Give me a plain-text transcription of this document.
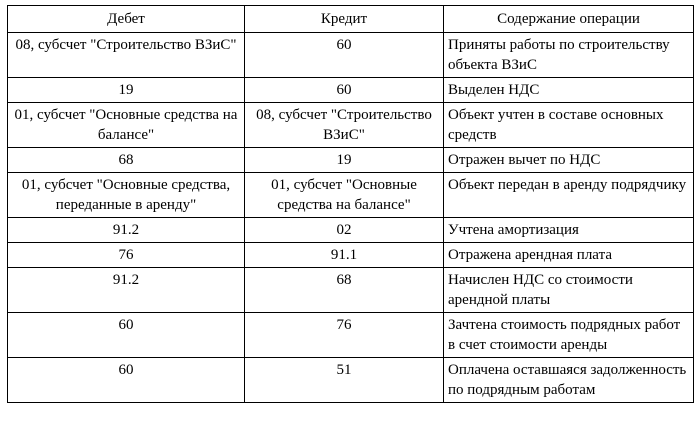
Дебет	Кредит	Содержание операции
08, субсчет "Строительство ВЗиС"	60	Приняты работы по строительству объекта ВЗиС
19	60	Выделен НДС
01, субсчет "Основные средства на балансе"	08, субсчет "Строительство ВЗиС"	Объект учтен в составе основных средств
68	19	Отражен вычет по НДС
01, субсчет "Основные средства, переданные в аренду"	01, субсчет "Основные средства на балансе"	Объект передан в аренду подрядчику
91.2	02	Учтена амортизация
76	91.1	Отражена арендная плата
91.2	68	Начислен НДС со стоимости арендной платы
60	76	Зачтена стоимость подрядных работ в счет стоимости аренды
60	51	Оплачена оставшаяся задолженность по подрядным работам
